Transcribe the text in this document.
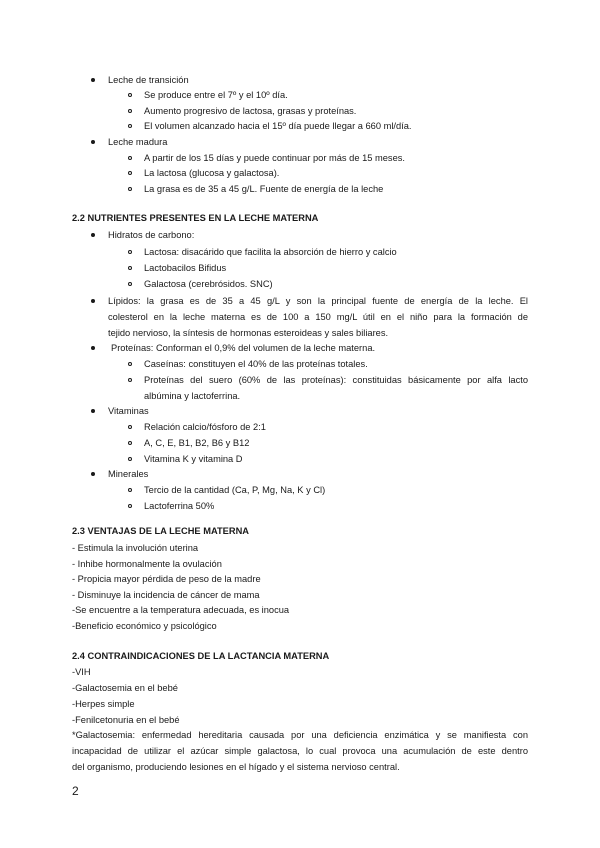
Leche de transición
Se produce entre el 7º y el 10º día.
Aumento progresivo de lactosa, grasas y proteínas.
El volumen alcanzado hacia el 15º día puede llegar a 660 ml/día.
Leche madura
A partir de los 15 días y puede continuar por más de 15 meses.
La lactosa (glucosa y galactosa).
La grasa es de 35 a 45 g/L. Fuente de energía de la leche
2.2 NUTRIENTES PRESENTES EN LA LECHE MATERNA
Hidratos de carbono:
Lactosa: disacárido que facilita la absorción de hierro y calcio
Lactobacilos Bifidus
Galactosa (cerebrósidos. SNC)
Lípidos: la grasa es de 35 a 45 g/L y son la principal fuente de energía de la leche. El
colesterol en la leche materna es de 100 a 150 mg/L útil en el niño para la formación de
tejido nervioso, la síntesis de hormonas esteroideas y sales biliares.
Proteínas: Conforman el 0,9% del volumen de la leche materna.
Caseínas: constituyen el 40% de las proteínas totales.
Proteínas del suero (60% de las proteínas): constituidas básicamente por alfa lacto
albúmina y lactoferrina.
Vitaminas
Relación calcio/fósforo de 2:1
A, C, E, B1, B2, B6 y B12
Vitamina K y vitamina D
Minerales
Tercio de la cantidad (Ca, P, Mg, Na, K y Cl)
Lactoferrina 50%
2.3 VENTAJAS DE LA LECHE MATERNA
- Estimula la involución uterina
- Inhibe hormonalmente la ovulación
- Propicia mayor pérdida de peso de la madre
- Disminuye la incidencia de cáncer de mama
-Se encuentre a la temperatura adecuada, es inocua
-Beneficio económico y psicológico
2.4 CONTRAINDICACIONES DE LA LACTANCIA MATERNA
-VIH
-Galactosemia en el bebé
-Herpes simple
-Fenilcetonuria en el bebé
*Galactosemia: enfermedad hereditaria causada por una deficiencia enzimática y se manifiesta con
incapacidad de utilizar el azúcar simple galactosa, lo cual provoca una acumulación de este dentro
del organismo, produciendo lesiones en el hígado y el sistema nervioso central.
2
